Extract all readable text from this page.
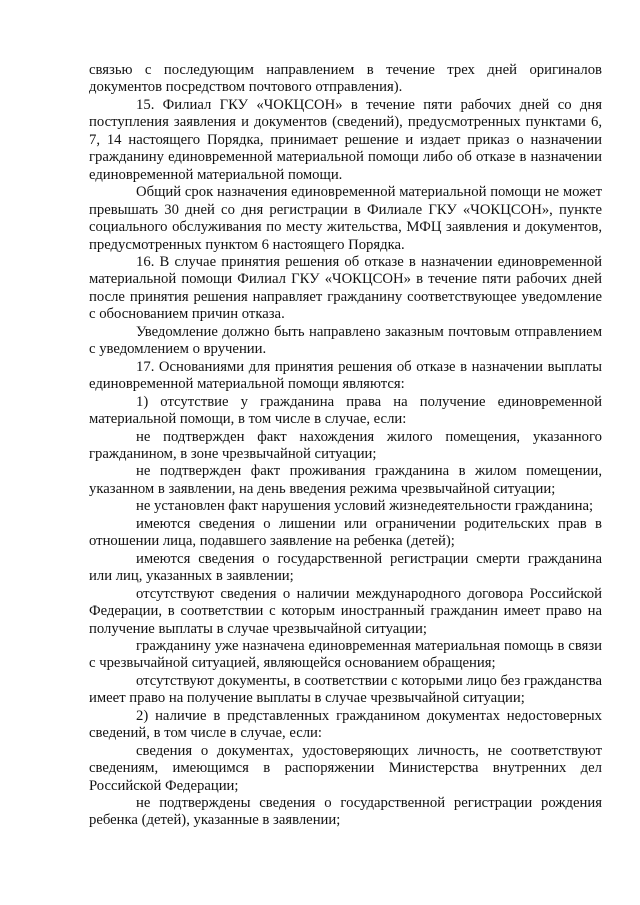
связью с последующим направлением в течение трех дней оригиналов документов посредством почтового отправления).

15. Филиал ГКУ «ЧОКЦСОН» в течение пяти рабочих дней со дня поступления заявления и документов (сведений), предусмотренных пунктами 6, 7, 14 настоящего Порядка, принимает решение и издает приказ о назначении гражданину единовременной материальной помощи либо об отказе в назначении единовременной материальной помощи.

Общий срок назначения единовременной материальной помощи не может превышать 30 дней со дня регистрации в Филиале ГКУ «ЧОКЦСОН», пункте социального обслуживания по месту жительства, МФЦ заявления и документов, предусмотренных пунктом 6 настоящего Порядка.

16. В случае принятия решения об отказе в назначении единовременной материальной помощи Филиал ГКУ «ЧОКЦСОН» в течение пяти рабочих дней после принятия решения направляет гражданину соответствующее уведомление с обоснованием причин отказа.

Уведомление должно быть направлено заказным почтовым отправлением с уведомлением о вручении.

17. Основаниями для принятия решения об отказе в назначении выплаты единовременной материальной помощи являются:

1) отсутствие у гражданина права на получение единовременной материальной помощи, в том числе в случае, если:

не подтвержден факт нахождения жилого помещения, указанного гражданином, в зоне чрезвычайной ситуации;

не подтвержден факт проживания гражданина в жилом помещении, указанном в заявлении, на день введения режима чрезвычайной ситуации;

не установлен факт нарушения условий жизнедеятельности гражданина;

имеются сведения о лишении или ограничении родительских прав в отношении лица, подавшего заявление на ребенка (детей);

имеются сведения о государственной регистрации смерти гражданина или лиц, указанных в заявлении;

отсутствуют сведения о наличии международного договора Российской Федерации, в соответствии с которым иностранный гражданин имеет право на получение выплаты в случае чрезвычайной ситуации;

гражданину уже назначена единовременная материальная помощь в связи с чрезвычайной ситуацией, являющейся основанием обращения;

отсутствуют документы, в соответствии с которыми лицо без гражданства имеет право на получение выплаты в случае чрезвычайной ситуации;

2) наличие в представленных гражданином документах недостоверных сведений, в том числе в случае, если:

сведения о документах, удостоверяющих личность, не соответствуют сведениям, имеющимся в распоряжении Министерства внутренних дел Российской Федерации;

не подтверждены сведения о государственной регистрации рождения ребенка (детей), указанные в заявлении;
